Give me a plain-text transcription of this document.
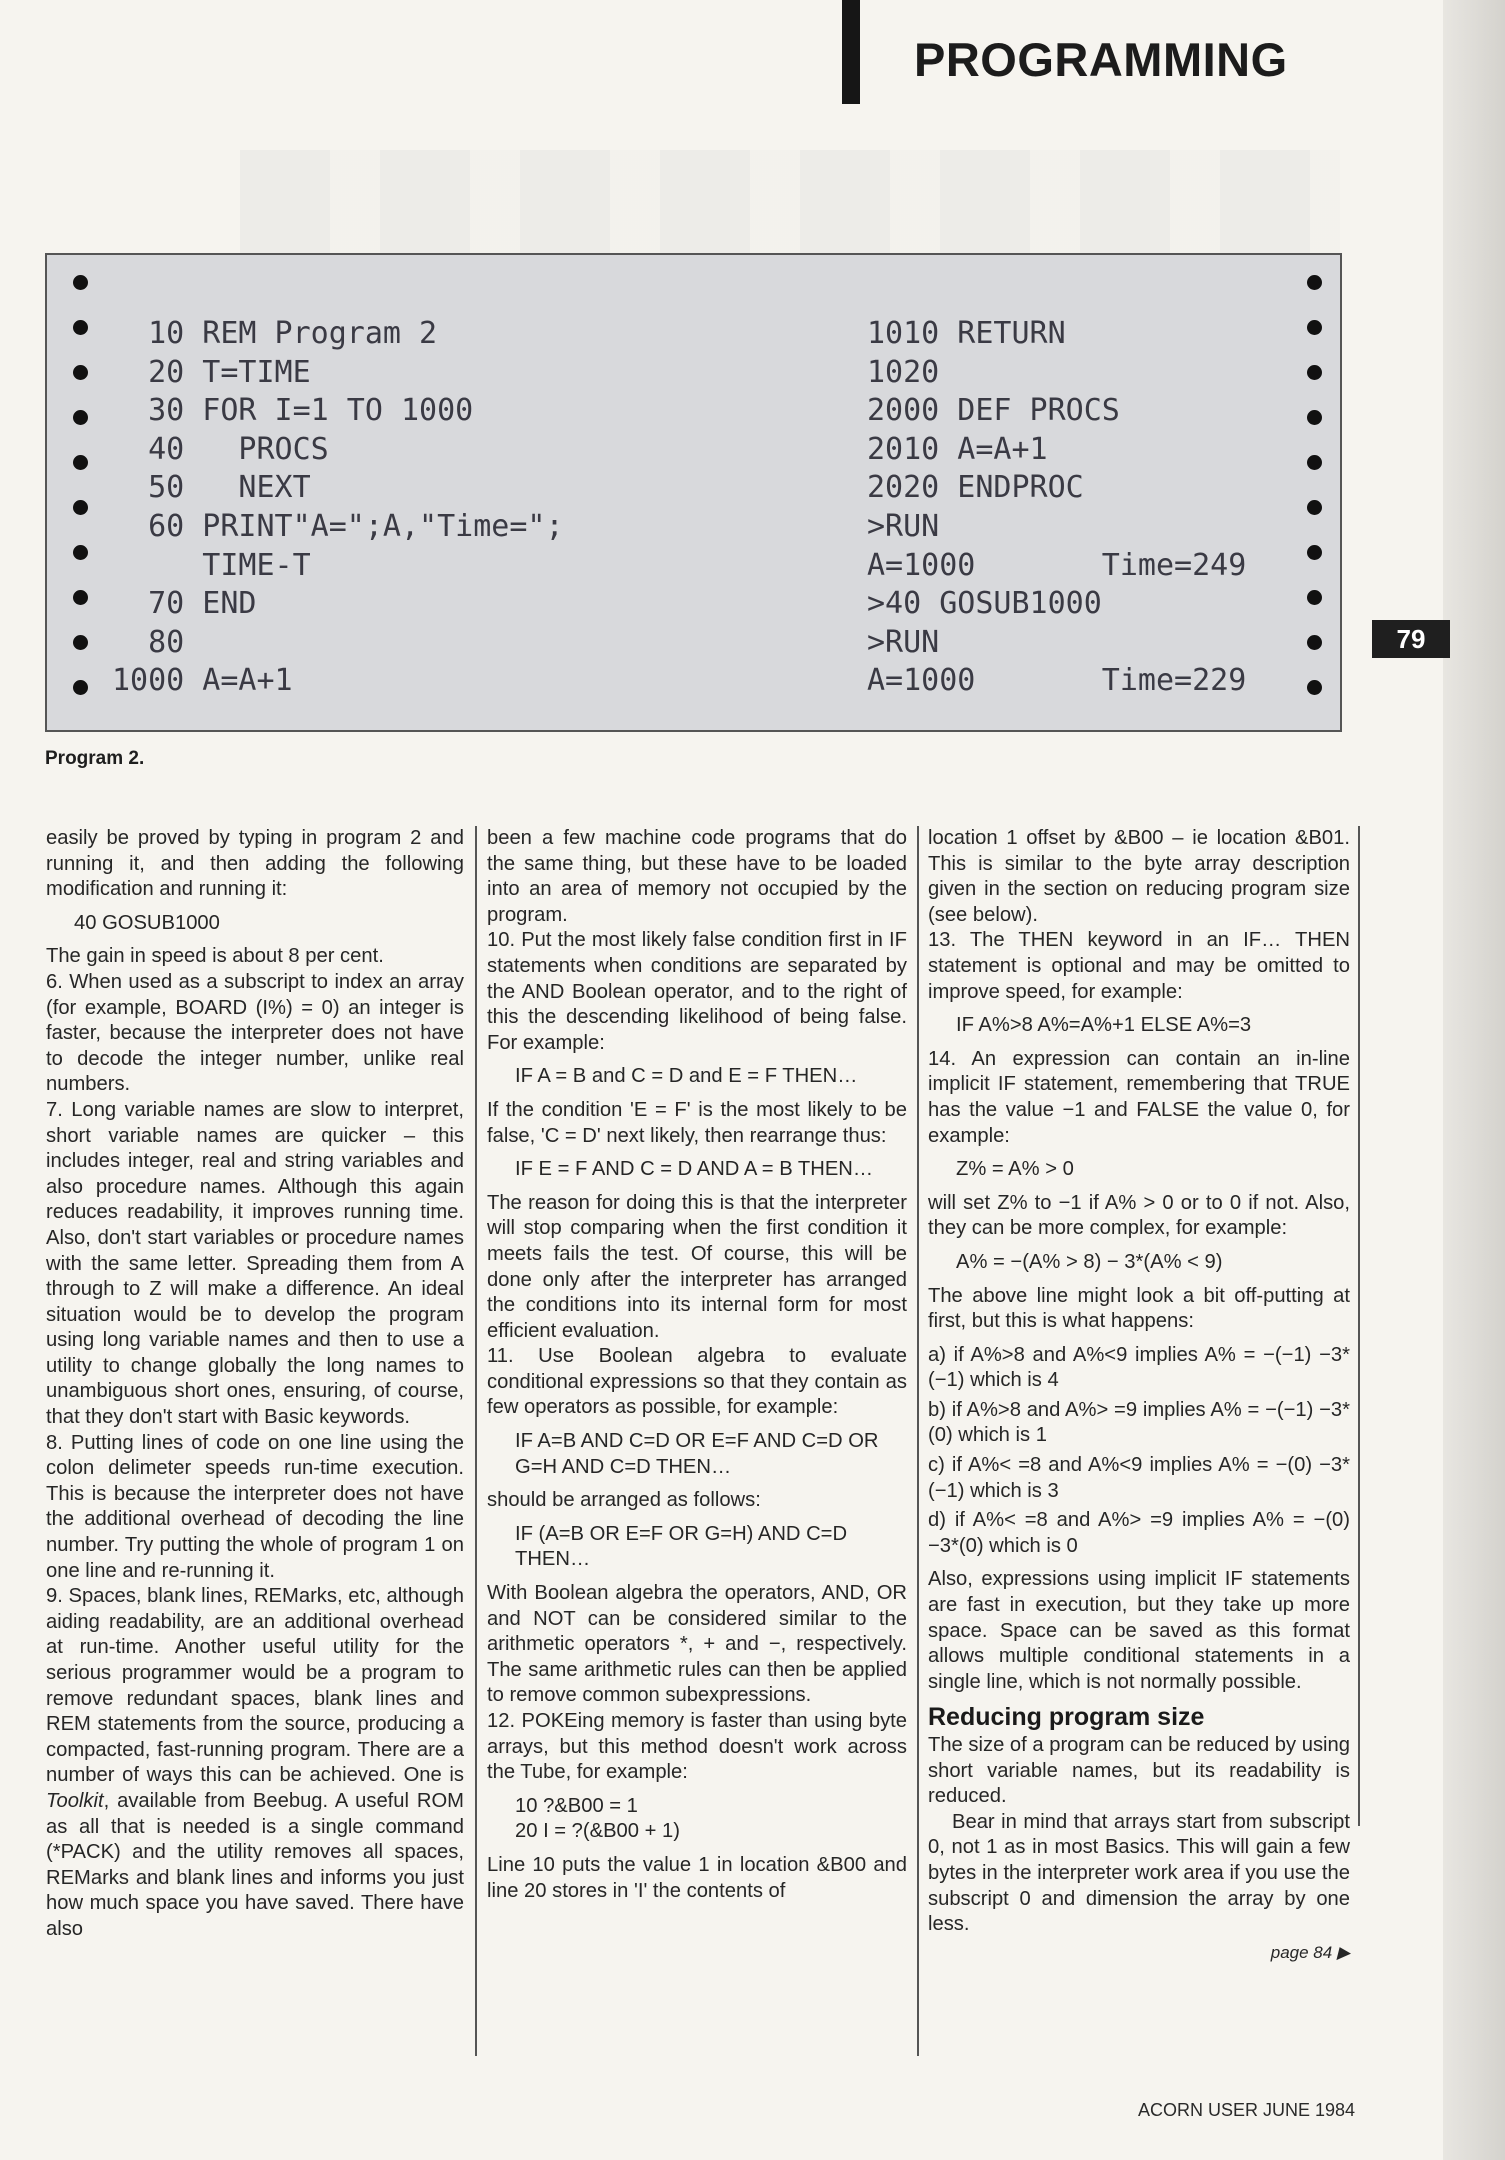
PROGRAMMING
79
10 REM Program 2
20 T=TIME
30 FOR I=1 TO 1000
40   PROCS
50   NEXT
60 PRINT"A=";A,"Time=";
TIME-T
70 END
80
1000 A=A+1
1010 RETURN
1020
2000 DEF PROCS
2010 A=A+1
2020 ENDPROC
>RUN
A=1000       Time=249
>40 GOSUB1000
>RUN
A=1000       Time=229
Program 2.

easily be proved by typing in program 2 and running it, and then adding the following modification and running it:

40 GOSUB1000

The gain in speed is about 8 per cent.

6. When used as a subscript to index an array (for example, BOARD (I%) = 0) an integer is faster, because the interpreter does not have to decode the integer number, unlike real numbers.

7. Long variable names are slow to interpret, short variable names are quicker – this includes integer, real and string variables and also procedure names. Although this again reduces readability, it improves running time. Also, don't start variables or procedure names with the same letter. Spreading them from A through to Z will make a difference. An ideal situation would be to develop the program using long variable names and then to use a utility to change globally the long names to unambiguous short ones, ensuring, of course, that they don't start with Basic keywords.

8. Putting lines of code on one line using the colon delimeter speeds run-time execution. This is because the interpreter does not have the additional overhead of decoding the line number. Try putting the whole of program 1 on one line and re-running it.

9. Spaces, blank lines, REMarks, etc, although aiding readability, are an additional overhead at run-time. Another useful utility for the serious programmer would be a program to remove redundant spaces, blank lines and REM statements from the source, producing a compacted, fast-running program. There are a number of ways this can be achieved. One is Toolkit, available from Beebug. A useful ROM as all that is needed is a single command (*PACK) and the utility removes all spaces, REMarks and blank lines and informs you just how much space you have saved. There have also

been a few machine code programs that do the same thing, but these have to be loaded into an area of memory not occupied by the program.

10. Put the most likely false condition first in IF statements when conditions are separated by the AND Boolean operator, and to the right of this the descending likelihood of being false. For example:

IF A = B and C = D and E = F THEN…

If the condition 'E = F' is the most likely to be false, 'C = D' next likely, then rearrange thus:

IF E = F AND C = D AND A = B THEN…

The reason for doing this is that the interpreter will stop comparing when the first condition it meets fails the test. Of course, this will be done only after the interpreter has arranged the conditions into its internal form for most efficient evaluation.

11. Use Boolean algebra to evaluate conditional expressions so that they contain as few operators as possible, for example:

IF A=B AND C=D OR E=F AND C=D OR G=H AND C=D THEN…

should be arranged as follows:

IF (A=B OR E=F OR G=H) AND C=D THEN…

With Boolean algebra the operators, AND, OR and NOT can be considered similar to the arithmetic operators *, + and −, respectively. The same arithmetic rules can then be applied to remove common subexpressions.

12. POKEing memory is faster than using byte arrays, but this method doesn't work across the Tube, for example:

10 ?&B00 = 1

20 I = ?(&B00 + 1)

Line 10 puts the value 1 in location &B00 and line 20 stores in 'I' the contents of

location 1 offset by &B00 – ie location &B01. This is similar to the byte array description given in the section on reducing program size (see below).

13. The THEN keyword in an IF… THEN statement is optional and may be omitted to improve speed, for example:

IF A%>8 A%=A%+1 ELSE A%=3

14. An expression can contain an in-line implicit IF statement, remembering that TRUE has the value −1 and FALSE the value 0, for example:

Z% = A% > 0

will set Z% to −1 if A% > 0 or to 0 if not. Also, they can be more complex, for example:

A% = −(A% > 8) − 3*(A% < 9)

The above line might look a bit off-putting at first, but this is what happens:

a) if A%>8 and A%<9 implies A% = −(−1) −3*(−1) which is 4

b) if A%>8 and A%> =9 implies A% = −(−1) −3*(0) which is 1

c) if A%< =8 and A%<9 implies A% = −(0) −3*(−1) which is 3

d) if A%< =8 and A%> =9 implies A% = −(0) −3*(0) which is 0

Also, expressions using implicit IF statements are fast in execution, but they take up more space. Space can be saved as this format allows multiple conditional statements in a single line, which is not normally possible.

Reducing program size

The size of a program can be reduced by using short variable names, but its readability is reduced.

Bear in mind that arrays start from subscript 0, not 1 as in most Basics. This will gain a few bytes in the interpreter work area if you use the subscript 0 and dimension the array by one less.

page 84 ▶
ACORN USER JUNE 1984
